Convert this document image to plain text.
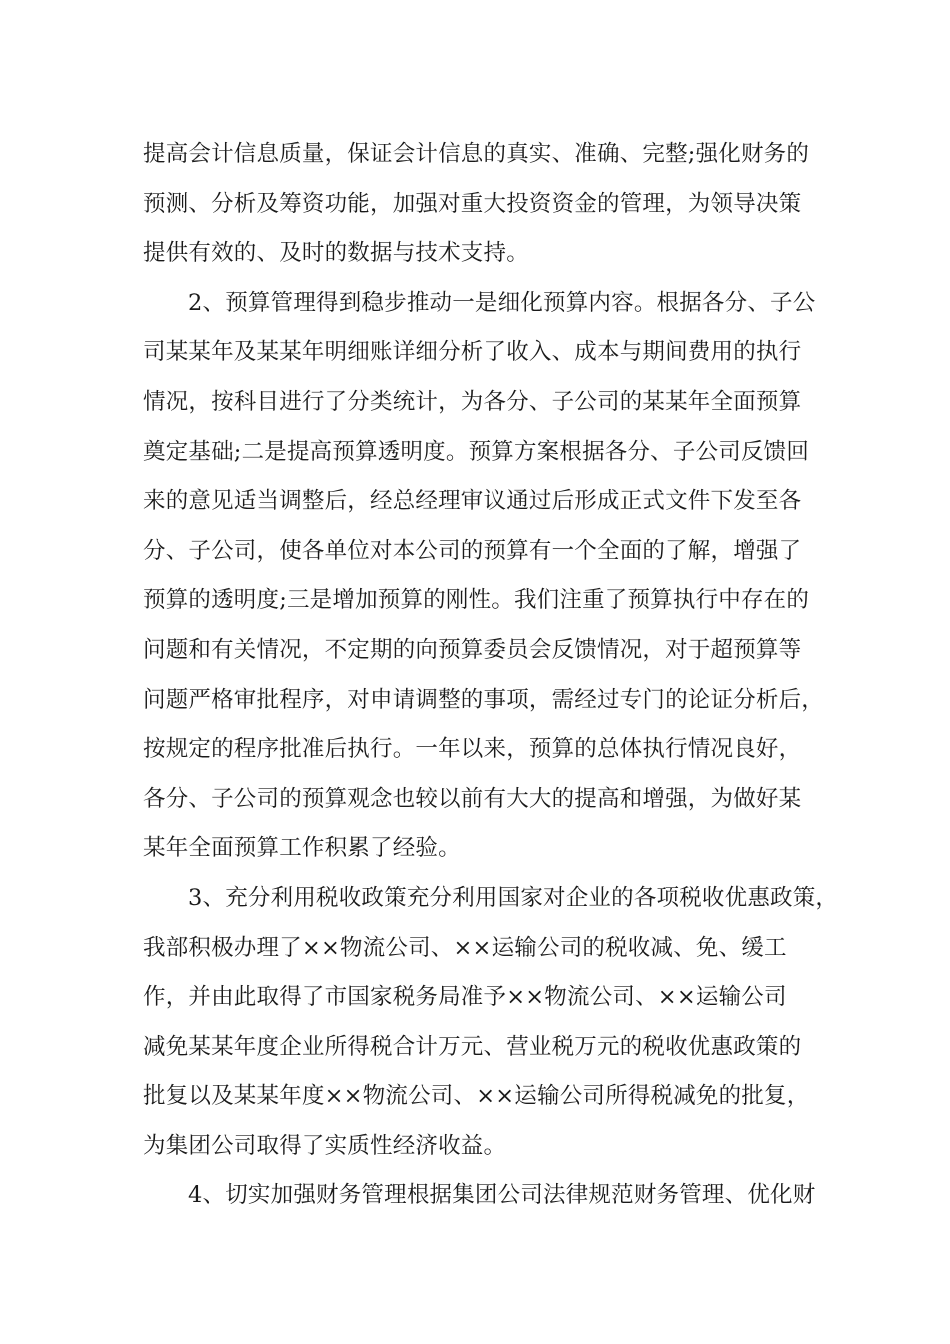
提高会计信息质量，保证会计信息的真实、准确、完整;强化财务的
预测、分析及筹资功能，加强对重大投资资金的管理，为领导决策
提供有效的、及时的数据与技术支持。
2、预算管理得到稳步推动一是细化预算内容。根据各分、子公
司某某年及某某年明细账详细分析了收入、成本与期间费用的执行
情况，按科目进行了分类统计，为各分、子公司的某某年全面预算
奠定基础;二是提高预算透明度。预算方案根据各分、子公司反馈回
来的意见适当调整后，经总经理审议通过后形成正式文件下发至各
分、子公司，使各单位对本公司的预算有一个全面的了解，增强了
预算的透明度;三是增加预算的刚性。我们注重了预算执行中存在的
问题和有关情况，不定期的向预算委员会反馈情况，对于超预算等
问题严格审批程序，对申请调整的事项，需经过专门的论证分析后，
按规定的程序批准后执行。一年以来，预算的总体执行情况良好，
各分、子公司的预算观念也较以前有大大的提高和增强，为做好某
某年全面预算工作积累了经验。
3、充分利用税收政策充分利用国家对企业的各项税收优惠政策，
我部积极办理了××物流公司、××运输公司的税收减、免、缓工
作，并由此取得了市国家税务局准予××物流公司、××运输公司
减免某某年度企业所得税合计万元、营业税万元的税收优惠政策的
批复以及某某年度××物流公司、××运输公司所得税减免的批复，
为集团公司取得了实质性经济收益。
4、切实加强财务管理根据集团公司法律规范财务管理、优化财
